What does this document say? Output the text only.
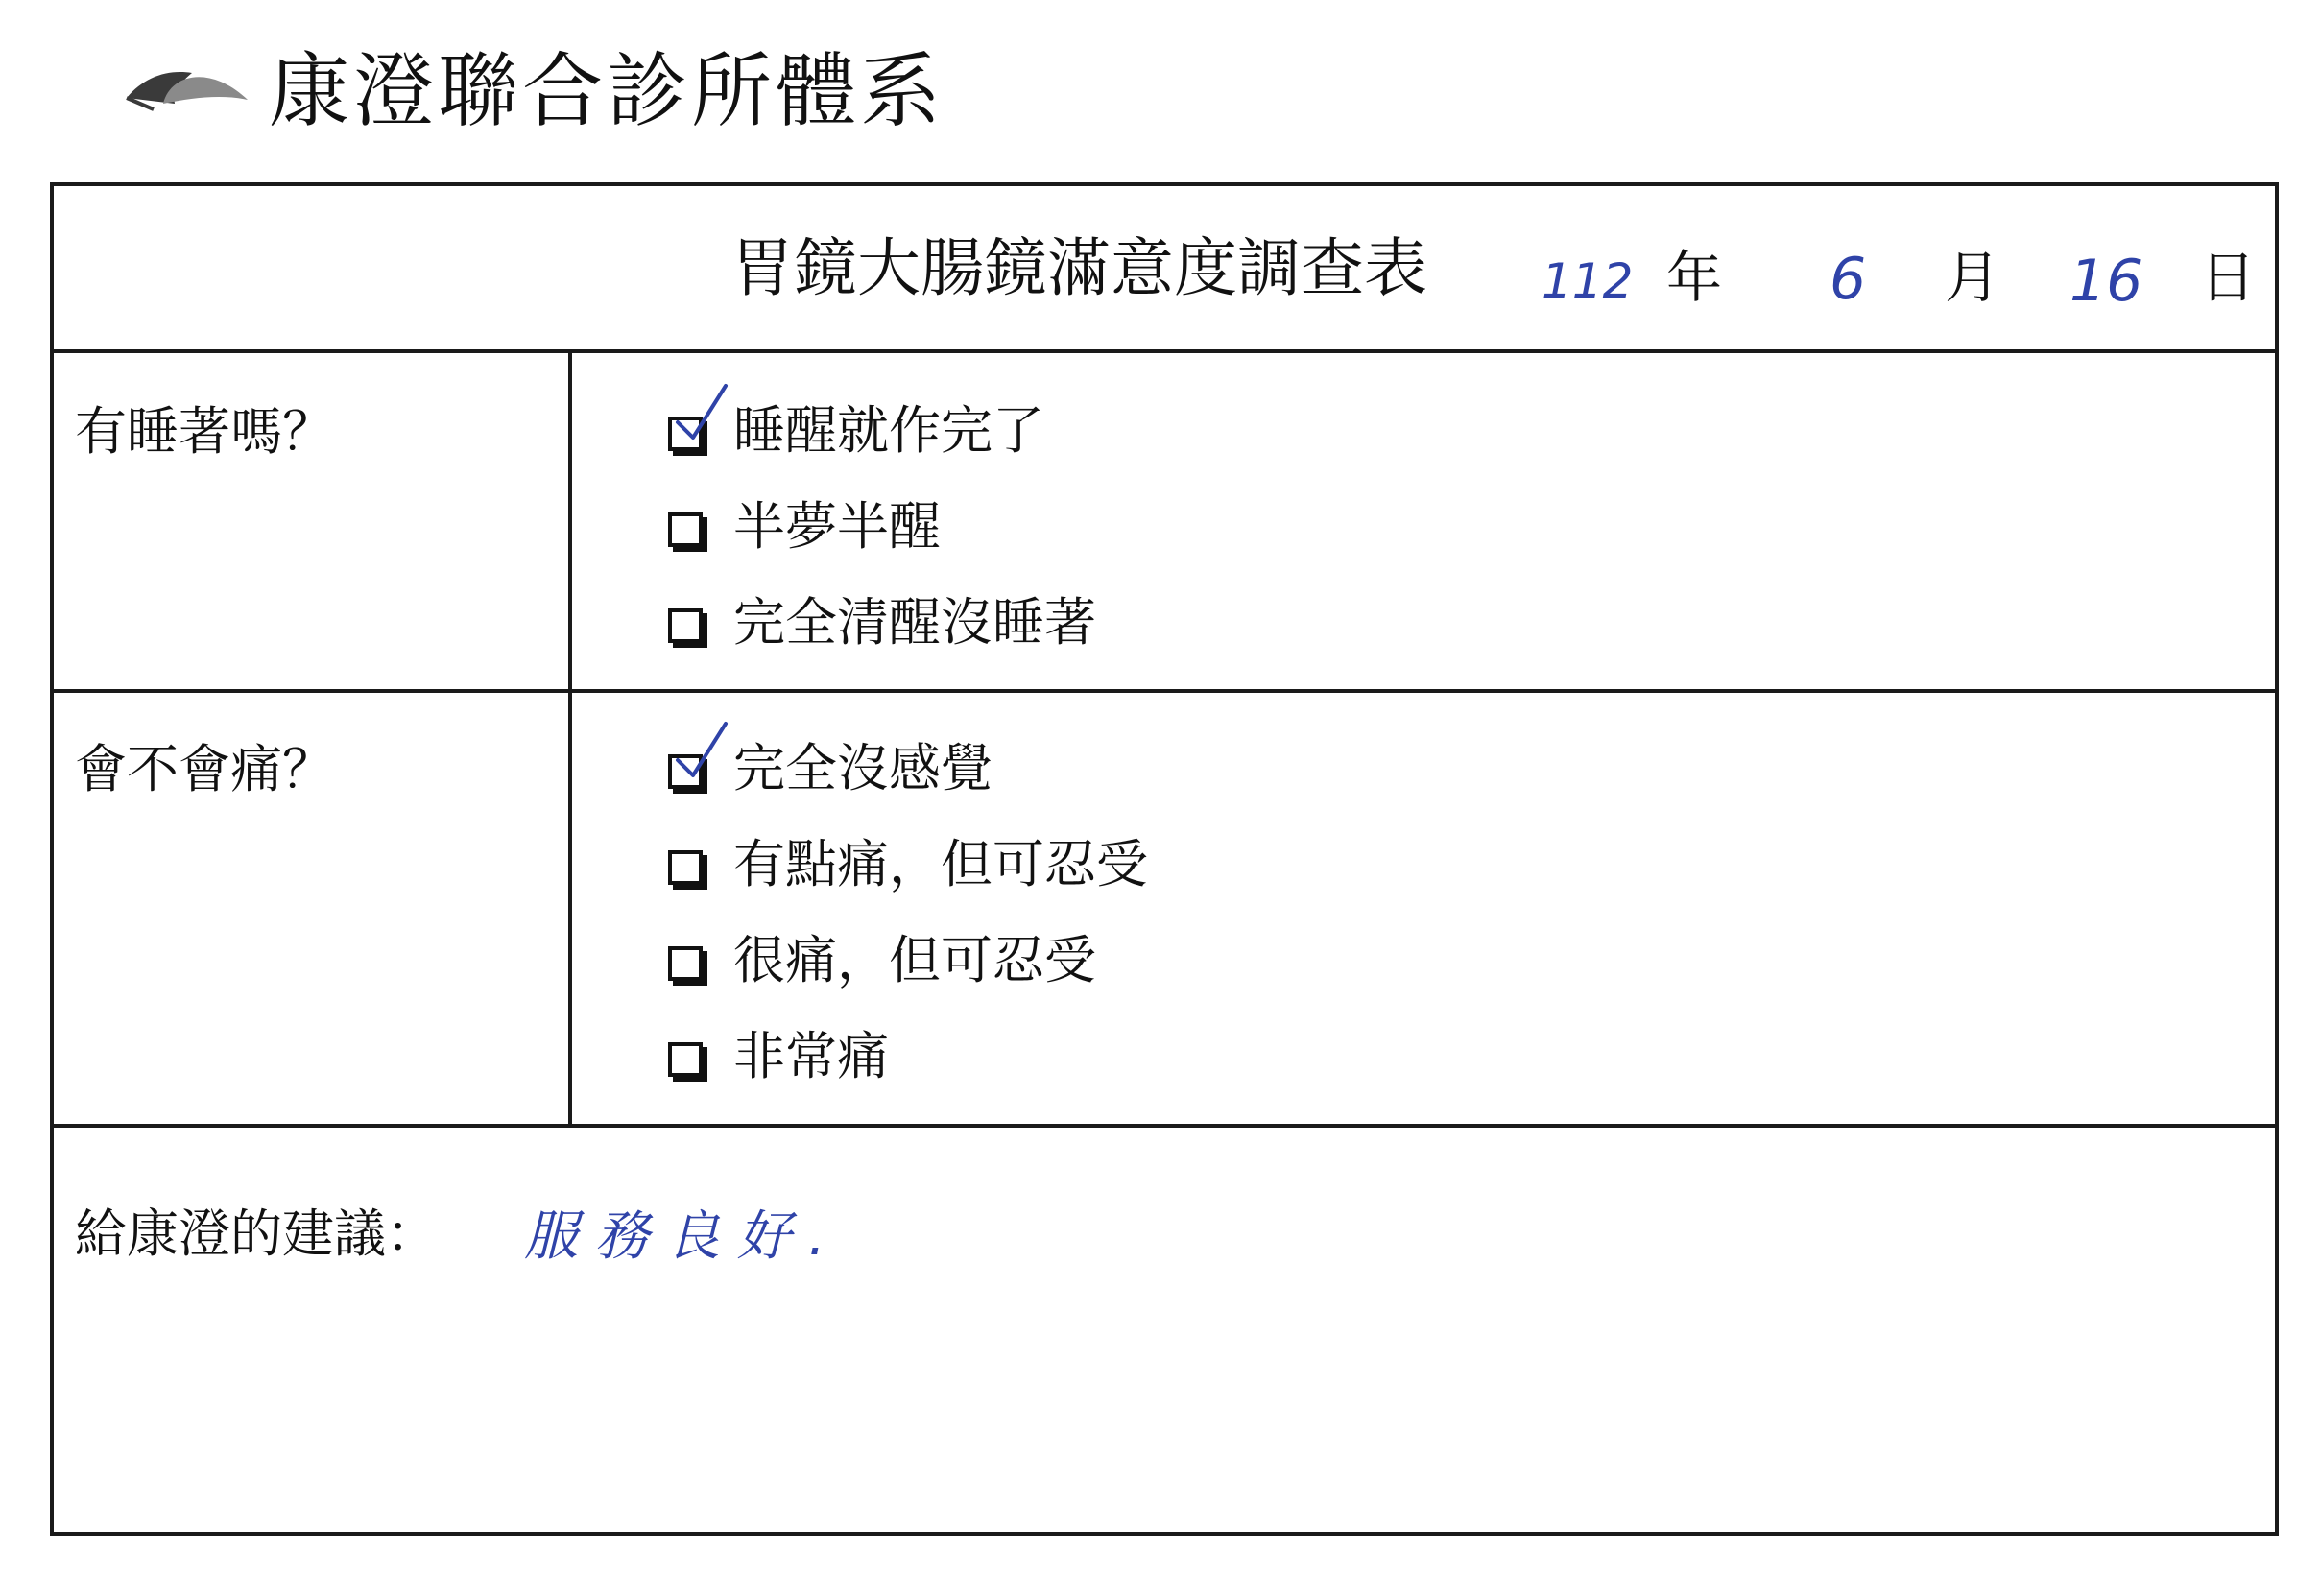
康澄聯合診所體系
胃鏡大腸鏡滿意度調查表 112 年 6 月 16 日
有睡著嗎？	睡醒就作完了
半夢半醒
完全清醒沒睡著
會不會痛？	完全沒感覺
有點痛，但可忍受
很痛，但可忍受
非常痛
給康澄的建議： 服務良好.
